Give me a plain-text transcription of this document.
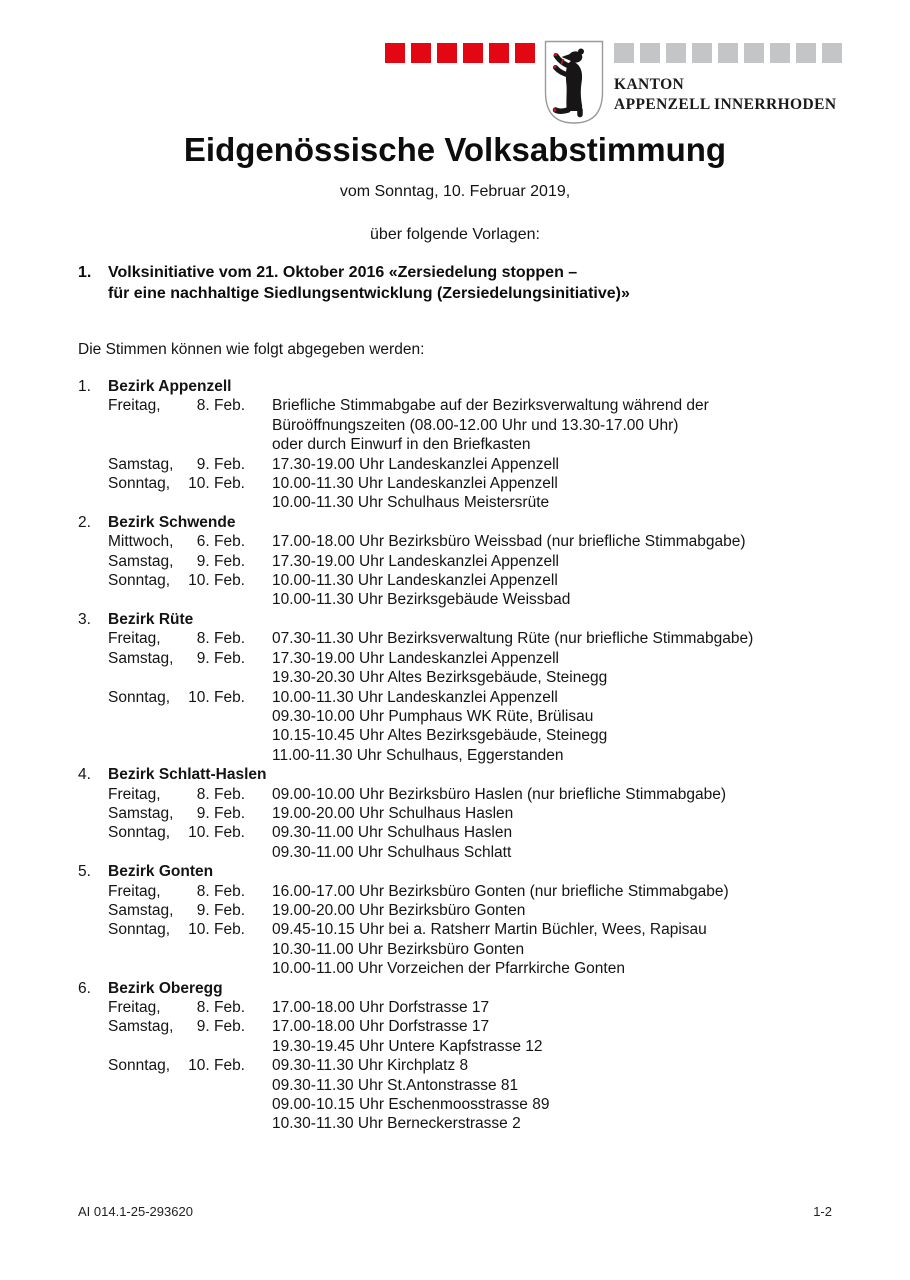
KANTON
APPENZELL INNERRHODEN
Eidgenössische Volksabstimmung

vom Sonntag, 10. Februar 2019,

über folgende Vorlagen:

1.	Volksinitiative vom 21. Oktober 2016 «Zersiedelung stoppen –
für eine nachhaltige Siedlungsentwicklung (Zersiedelungsinitiative)»

Die Stimmen können wie folgt abgegeben werden:

1.	Bezirk Appenzell
Freitag, 8. Feb.	Briefliche Stimmabgabe auf der Bezirksverwaltung während der
Büroöffnungszeiten (08.00-12.00 Uhr und 13.30-17.00 Uhr)
oder durch Einwurf in den Briefkasten
Samstag, 9. Feb.	17.30-19.00 Uhr Landeskanzlei Appenzell
Sonntag, 10. Feb.	10.00-11.30 Uhr Landeskanzlei Appenzell
10.00-11.30 Uhr Schulhaus Meistersrüte
2.	Bezirk Schwende
Mittwoch, 6. Feb.	17.00-18.00 Uhr Bezirksbüro Weissbad (nur briefliche Stimmabgabe)
Samstag, 9. Feb.	17.30-19.00 Uhr Landeskanzlei Appenzell
Sonntag, 10. Feb.	10.00-11.30 Uhr Landeskanzlei Appenzell
10.00-11.30 Uhr Bezirksgebäude Weissbad
3.	Bezirk Rüte
Freitag, 8. Feb.	07.30-11.30 Uhr Bezirksverwaltung Rüte (nur briefliche Stimmabgabe)
Samstag, 9. Feb.	17.30-19.00 Uhr Landeskanzlei Appenzell
19.30-20.30 Uhr Altes Bezirksgebäude, Steinegg
Sonntag, 10. Feb.	10.00-11.30 Uhr Landeskanzlei Appenzell
09.30-10.00 Uhr Pumphaus WK Rüte, Brülisau
10.15-10.45 Uhr Altes Bezirksgebäude, Steinegg
11.00-11.30 Uhr Schulhaus, Eggerstanden
4.	Bezirk Schlatt-Haslen
Freitag, 8. Feb.	09.00-10.00 Uhr Bezirksbüro Haslen (nur briefliche Stimmabgabe)
Samstag, 9. Feb.	19.00-20.00 Uhr Schulhaus Haslen
Sonntag, 10. Feb.	09.30-11.00 Uhr Schulhaus Haslen
09.30-11.00 Uhr Schulhaus Schlatt
5.	Bezirk Gonten
Freitag, 8. Feb.	16.00-17.00 Uhr Bezirksbüro Gonten (nur briefliche Stimmabgabe)
Samstag, 9. Feb.	19.00-20.00 Uhr Bezirksbüro Gonten
Sonntag, 10. Feb.	09.45-10.15 Uhr bei a. Ratsherr Martin Büchler, Wees, Rapisau
10.30-11.00 Uhr Bezirksbüro Gonten
10.00-11.00 Uhr Vorzeichen der Pfarrkirche Gonten
6.	Bezirk Oberegg
Freitag, 8. Feb.	17.00-18.00 Uhr Dorfstrasse 17
Samstag, 9. Feb.	17.00-18.00 Uhr Dorfstrasse 17
19.30-19.45 Uhr Untere Kapfstrasse 12
Sonntag, 10. Feb.	09.30-11.30 Uhr Kirchplatz 8
09.30-11.30 Uhr St.Antonstrasse 81
09.00-10.15 Uhr Eschenmoosstrasse 89
10.30-11.30 Uhr Berneckerstrasse 2
AI 014.1-25-293620	1-2
